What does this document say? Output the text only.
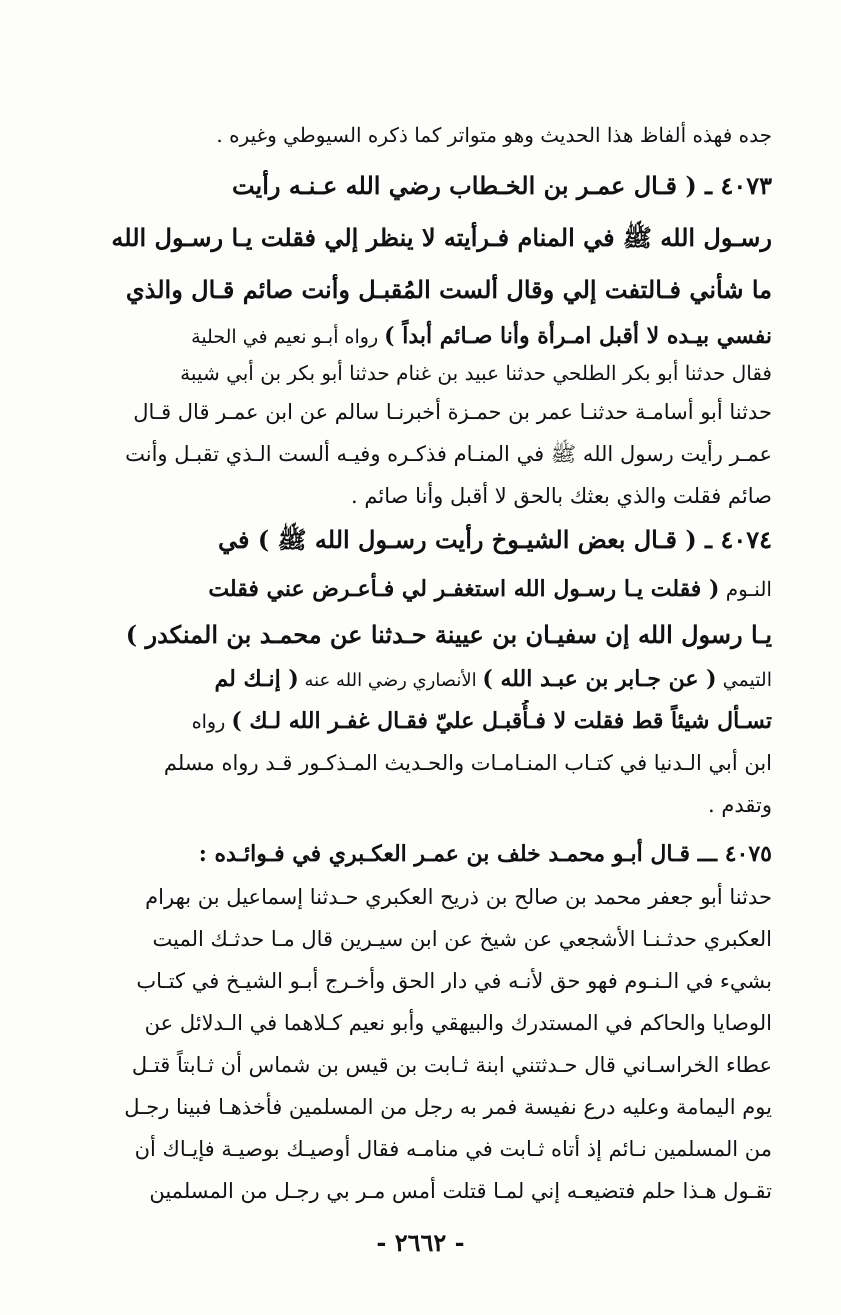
جده فهذه ألفاظ هذا الحديث وهو متواتر كما ذكره السيوطي وغيره .
٤٠٧٣ ـ ( قـال عمـر بن الخـطاب رضي الله عـنـه رأيت
رسـول الله ﷺ في المنام فـرأيته لا ينظر إلي فقلت يـا رسـول الله
ما شأني فـالتفت إلي وقال ألست المُقبـل وأنت صائم قـال والذي
نفسي بيـده لا أقبل امـرأة وأنا صـائم أبداً ) رواه أبـو نعيم في الحلية
فقال حدثنا أبو بكر الطلحي حدثنا عبيد بن غنام حدثنا أبو بكر بن أبي شيبة
حدثنا أبو أسامـة حدثنـا عمر بن حمـزة أخبرنـا سالم عن ابن عمـر قال قـال
عمـر رأيت رسول الله ﷺ في المنـام فذكـره وفيـه ألست الـذي تقبـل وأنت
صائم فقلت والذي بعثك بالحق لا أقبل وأنا صائم .
٤٠٧٤ ـ ( قـال بعض الشيـوخ رأيت رسـول الله ﷺ ) في
النـوم ( فقلت يـا رسـول الله استغفـر لي فـأعـرض عني فقلت
يـا رسول الله إن سفيـان بن عيينة حـدثنا عن محمـد بن المنكدر )
التيمي ( عن جـابر بن عبـد الله ) الأنصاري رضي الله عنه ( إنـك لم
تسـأل شيئاً قط فقلت لا فـأُقبـل عليّ فقـال غفـر الله لـك ) رواه
ابن أبي الـدنيا في كتـاب المنـامـات والحـديث المـذكـور قـد رواه مسلم
وتقدم .
٤٠٧٥ ـــ قـال أبـو محمـد خلف بن عمـر العكـبري في فـوائـده :
حدثنا أبو جعفر محمد بن صالح بن ذريح العكبري حـدثنا إسماعيل بن بهرام
العكبري حدثـنـا الأشجعي عن شيخ عن ابن سيـرين قال مـا حدثـك الميت
بشيء في الـنـوم فهو حق لأنـه في دار الحق وأخـرج أبـو الشيـخ في كتـاب
الوصايا والحاكم في المستدرك والبيهقي وأبو نعيم كـلاهما في الـدلائل عن
عطاء الخراسـاني قال حـدثتني ابنة ثـابت بن قيس بن شماس أن ثـابتاً قتـل
يوم اليمامة وعليه درع نفيسة فمر به رجل من المسلمين فأخذهـا فبينا رجـل
من المسلمين نـائم إذ أتاه ثـابت في منامـه فقال أوصيـك بوصيـة فإيـاك أن
تقـول هـذا حلم فتضيعـه إني لمـا قتلت أمس مـر بي رجـل من المسلمين
- ٢٦٦٢ -
